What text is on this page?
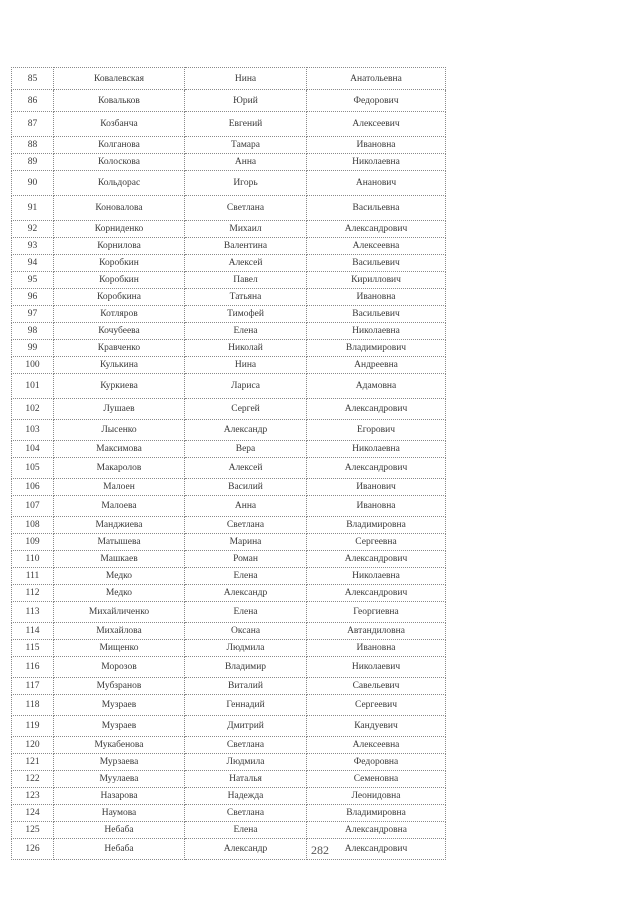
85	Ковалевская	Нина	Анатольевна
86	Ковальков	Юрий	Федорович
87	Козбанча	Евгений	Алексеевич
88	Колганова	Тамара	Ивановна
89	Колоскова	Анна	Николаевна
90	Кольдорас	Игорь	Ананович
91	Коновалова	Светлана	Васильевна
92	Корниденко	Михаил	Александрович
93	Корнилова	Валентина	Алексеевна
94	Коробкин	Алексей	Васильевич
95	Коробкин	Павел	Кириллович
96	Коробкина	Татьяна	Ивановна
97	Котляров	Тимофей	Васильевич
98	Кочубеева	Елена	Николаевна
99	Кравченко	Николай	Владимирович
100	Кулькина	Нина	Андреевна
101	Куркиева	Лариса	Адамовна
102	Лушаев	Сергей	Александрович
103	Лысенко	Александр	Егорович
104	Максимова	Вера	Николаевна
105	Макаролов	Алексей	Александрович
106	Малоен	Василий	Иванович
107	Малоева	Анна	Ивановна
108	Манджиева	Светлана	Владимировна
109	Матышева	Марина	Сергеевна
110	Машкаев	Роман	Александрович
111	Медко	Елена	Николаевна
112	Медко	Александр	Александрович
113	Михайличенко	Елена	Георгиевна
114	Михайлова	Оксана	Автандиловна
115	Мищенко	Людмила	Ивановна
116	Морозов	Владимир	Николаевич
117	Мубзранов	Виталий	Савельевич
118	Музраев	Геннадий	Сергеевич
119	Музраев	Дмитрий	Кандуевич
120	Мукабенова	Светлана	Алексеевна
121	Мурзаева	Людмила	Федоровна
122	Муулаева	Наталья	Семеновна
123	Назарова	Надежда	Леонидовна
124	Наумова	Светлана	Владимировна
125	Небаба	Елена	Александровна
126	Небаба	Александр	Александрович
282
